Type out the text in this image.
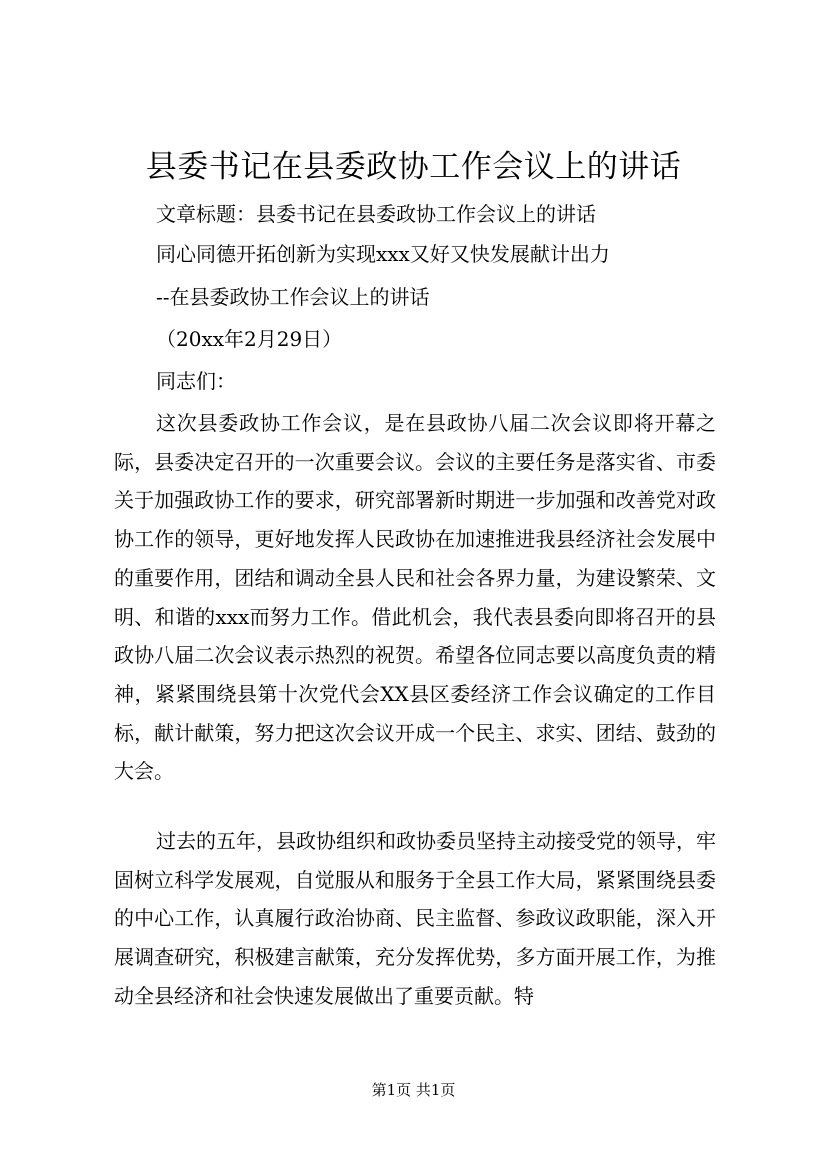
县委书记在县委政协工作会议上的讲话

文章标题：县委书记在县委政协工作会议上的讲话

同心同德开拓创新为实现xxx又好又快发展献计出力

--在县委政协工作会议上的讲话

（20xx年2月29日）

同志们：

这次县委政协工作会议，是在县政协八届二次会议即将开幕之际，县委决定召开的一次重要会议。会议的主要任务是落实省、市委关于加强政协工作的要求，研究部署新时期进一步加强和改善党对政协工作的领导，更好地发挥人民政协在加速推进我县经济社会发展中的重要作用，团结和调动全县人民和社会各界力量，为建设繁荣、文明、和谐的xxx而努力工作。借此机会，我代表县委向即将召开的县政协八届二次会议表示热烈的祝贺。希望各位同志要以高度负责的精神，紧紧围绕县第十次党代会XX县区委经济工作会议确定的工作目标，献计献策，努力把这次会议开成一个民主、求实、团结、鼓劲的大会。

过去的五年，县政协组织和政协委员坚持主动接受党的领导，牢固树立科学发展观，自觉服从和服务于全县工作大局，紧紧围绕县委的中心工作，认真履行政治协商、民主监督、参政议政职能，深入开展调查研究，积极建言献策，充分发挥优势，多方面开展工作，为推动全县经济和社会快速发展做出了重要贡献。特

第1页 共1页
